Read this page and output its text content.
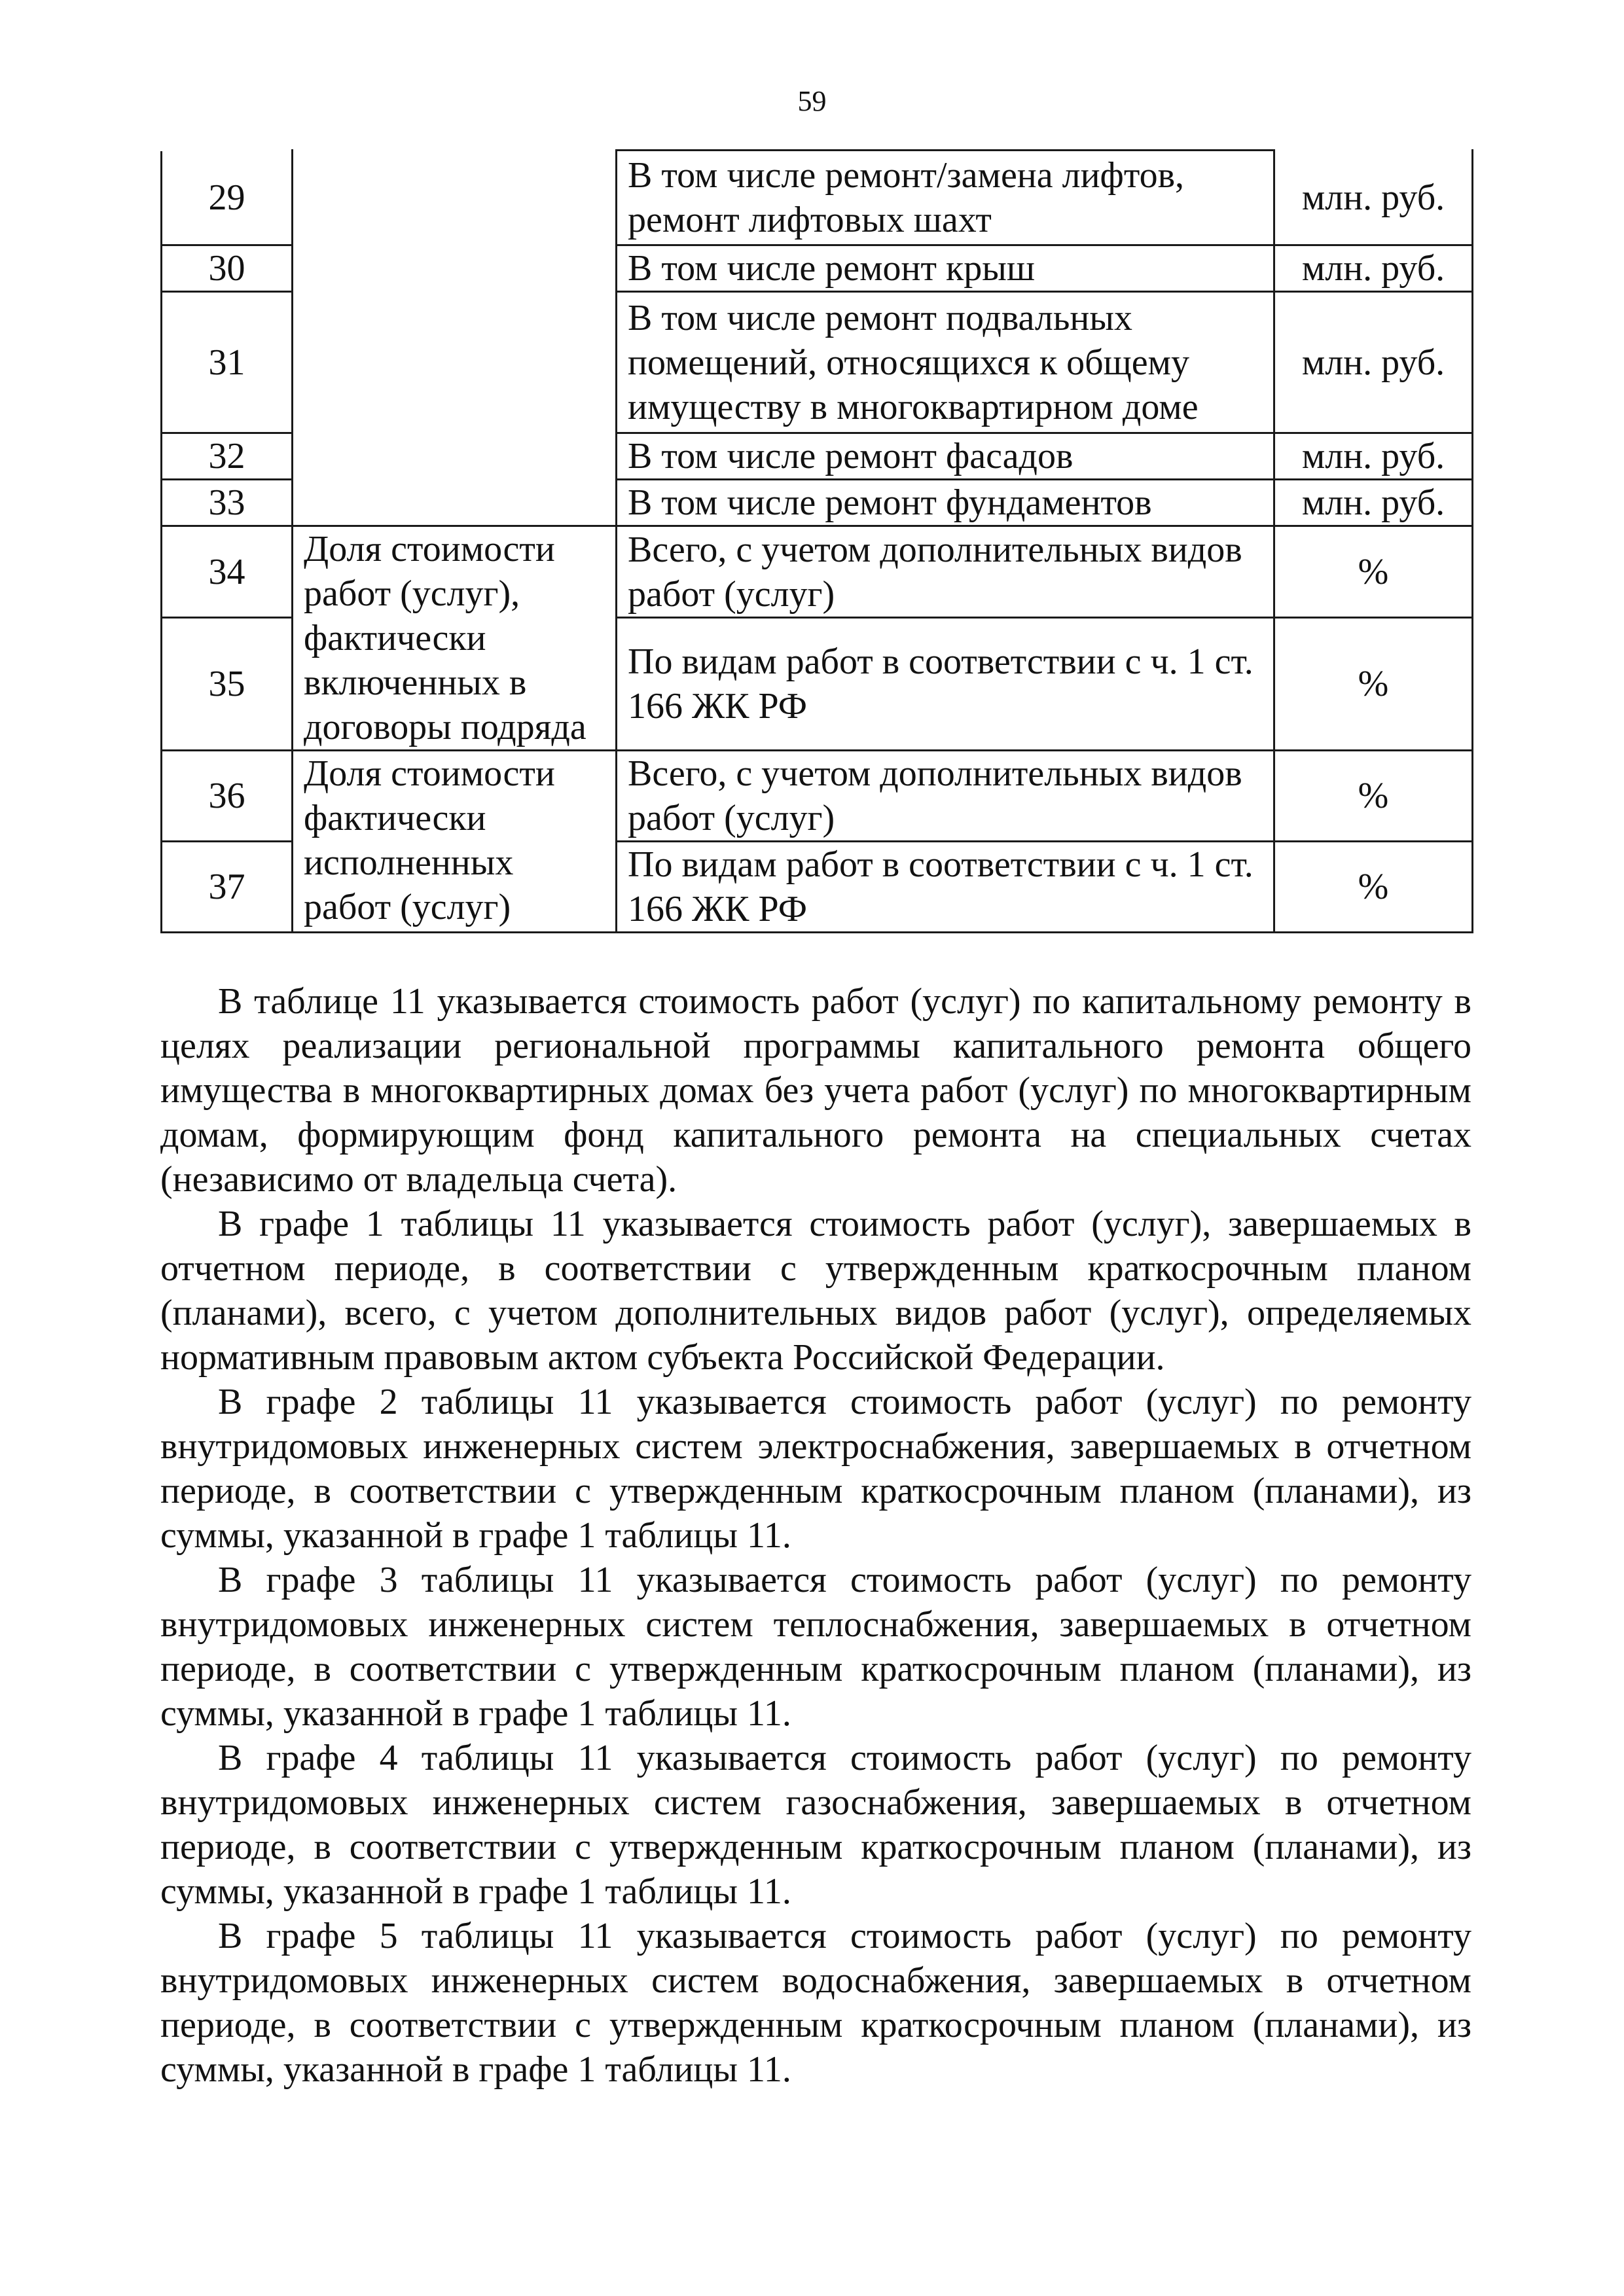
59
29		В том числе ремонт/замена лифтов, ремонт лифтовых шахт	млн. руб.
30		В том числе ремонт крыш	млн. руб.
31		В том числе ремонт подвальных помещений, относящихся к общему имуществу в многоквартирном доме	млн. руб.
32		В том числе ремонт фасадов	млн. руб.
33		В том числе ремонт фундаментов	млн. руб.
34	Доля стоимости работ (услуг), фактически включенных в договоры подряда	Всего, с учетом дополнительных видов работ (услуг)	%
35		По видам работ в соответствии с ч. 1 ст. 166 ЖК РФ	%
36	Доля стоимости фактически исполненных работ (услуг)	Всего, с учетом дополнительных видов работ (услуг)	%
37		По видам работ в соответствии с ч. 1 ст. 166 ЖК РФ	%

В таблице 11 указывается стоимость работ (услуг) по капитальному ремонту в целях реализации региональной программы капитального ремонта общего имущества в многоквартирных домах без учета работ (услуг) по многоквартирным домам, формирующим фонд капитального ремонта на специальных счетах (независимо от владельца счета).

В графе 1 таблицы 11 указывается стоимость работ (услуг), завершаемых в отчетном периоде, в соответствии с утвержденным краткосрочным планом (планами), всего, с учетом дополнительных видов работ (услуг), определяемых нормативным правовым актом субъекта Российской Федерации.

В графе 2 таблицы 11 указывается стоимость работ (услуг) по ремонту внутридомовых инженерных систем электроснабжения, завершаемых в отчетном периоде, в соответствии с утвержденным краткосрочным планом (планами), из суммы, указанной в графе 1 таблицы 11.

В графе 3 таблицы 11 указывается стоимость работ (услуг) по ремонту внутридомовых инженерных систем теплоснабжения, завершаемых в отчетном периоде, в соответствии с утвержденным краткосрочным планом (планами), из суммы, указанной в графе 1 таблицы 11.

В графе 4 таблицы 11 указывается стоимость работ (услуг) по ремонту внутридомовых инженерных систем газоснабжения, завершаемых в отчетном периоде, в соответствии с утвержденным краткосрочным планом (планами), из суммы, указанной в графе 1 таблицы 11.

В графе 5 таблицы 11 указывается стоимость работ (услуг) по ремонту внутридомовых инженерных систем водоснабжения, завершаемых в отчетном периоде, в соответствии с утвержденным краткосрочным планом (планами), из суммы, указанной в графе 1 таблицы 11.
